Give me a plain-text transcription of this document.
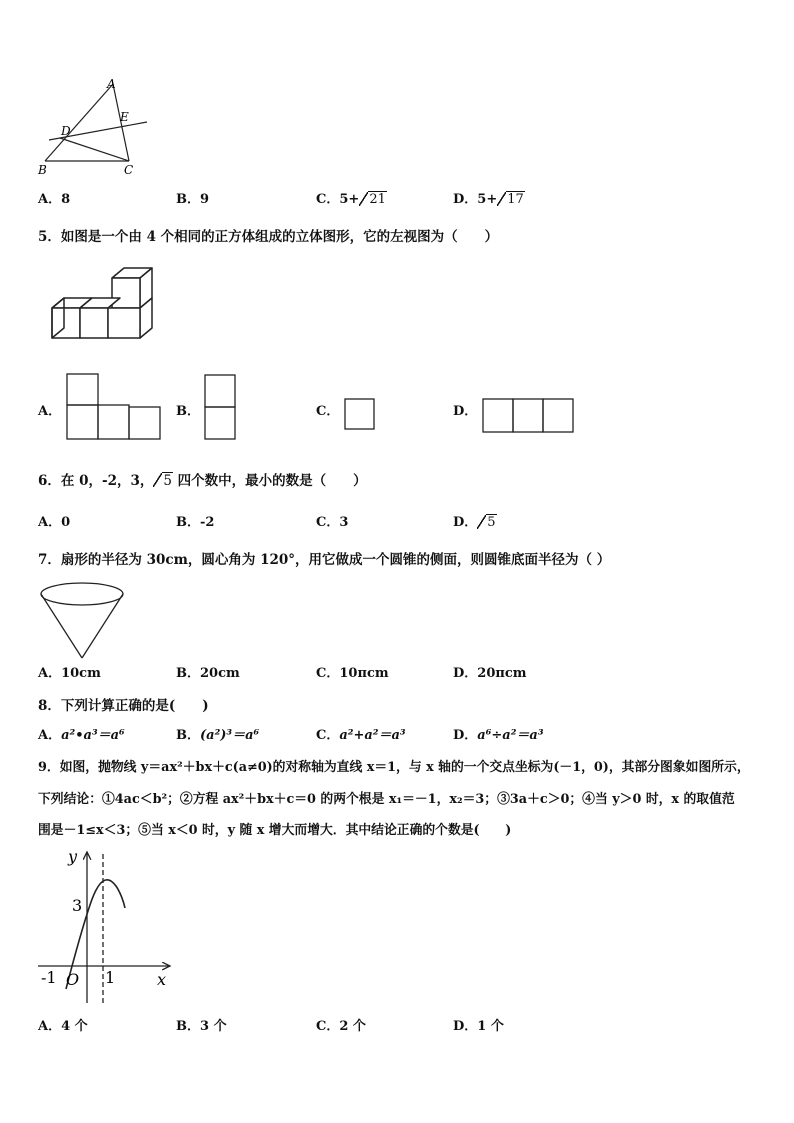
A
D
E
B	C
A．8	B．9	C．5+ 21	D．5+ 17
5．如图是一个由 4 个相同的正方体组成的立体图形，它的左视图为（　　）
A．	B．	C．	D．
6．在 0，-2，3， 5 四个数中，最小的数是（　　）
A．0	B．-2	C．3	D． 5
7．扇形的半径为 30cm，圆心角为 120°，用它做成一个圆锥的侧面，则圆锥底面半径为（ ）
A．10cm	B．20cm	C．10πcm	D．20πcm
8．下列计算正确的是(　　)
A．a²•a³＝a⁶	B．(a²)³＝a⁶	C．a²+a²＝a³	D．a⁶÷a²＝a³
9．如图，抛物线 y＝ax²＋bx＋c(a≠0)的对称轴为直线 x＝1，与 x 轴的一个交点坐标为(－1，0)，其部分图象如图所示，
下列结论：①4ac＜b²；②方程 ax²＋bx＋c＝0 的两个根是 x₁＝－1，x₂＝3；③3a＋c＞0；④当 y＞0 时，x 的取值范
围是－1≤x＜3；⑤当 x＜0 时，y 随 x 增大而增大．其中结论正确的个数是(　　)
y
x
3
-1 O 1
A．4 个	B．3 个	C．2 个	D．1 个
